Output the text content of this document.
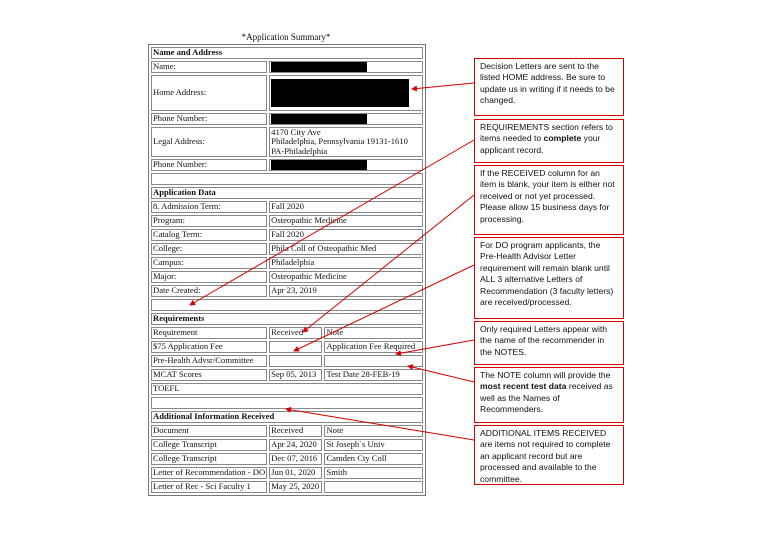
*Application Summary*
Name and Address		
Name:		

Home Address:		

Phone Number:		

Legal Address:	4170 City Ave
Philadelphia, Pennsylvania 19131-1610
PA-Philadelphia	

Phone Number:		

Application Data		
8. Admission Term:	Fall 2020	
Program:	Osteopathic Medicine	
Catalog Term:	Fall 2020	
College:	Phila Coll of Osteopathic Med	
Campus:	Philadelphia	
Major:	Osteopathic Medicine	
Date Created:	Apr 23, 2019	

Requirements		
Requirement	Received	Note
$75 Application Fee		Application Fee Required
Pre-Health Advsr/Committee		
MCAT Scores	Sep 05, 2013	Test Date 28-FEB-19
TOEFL		

Additional Information Received		
Document	Received	Note
College Transcript	Apr 24, 2020	St Joseph`s Univ
College Transcript	Dec 07, 2016	Camden Cty Coll
Letter of Recommendation - DO	Jun 01, 2020	Smith
Letter of Rec - Sci Faculty 1	May 25, 2020	
Decision Letters are sent to the listed HOME address. Be sure to update us in writing if it needs to be changed.
REQUIREMENTS section refers to items needed to complete your applicant record.
If the RECEIVED column for an item is blank, your item is either not received or not yet processed. Please allow 15 business days for processing.
For DO program applicants, the Pre-Health Advisor Letter requirement will remain blank until ALL 3 alternative Letters of Recommendation (3 faculty letters) are received/processed.
Only required Letters appear with the name of the recommender in the NOTES.
The NOTE column will provide the most recent test data received as well as the Names of Recommenders.
ADDITIONAL ITEMS RECEIVED are items not required to complete an applicant record but are processed and available to the committee.
